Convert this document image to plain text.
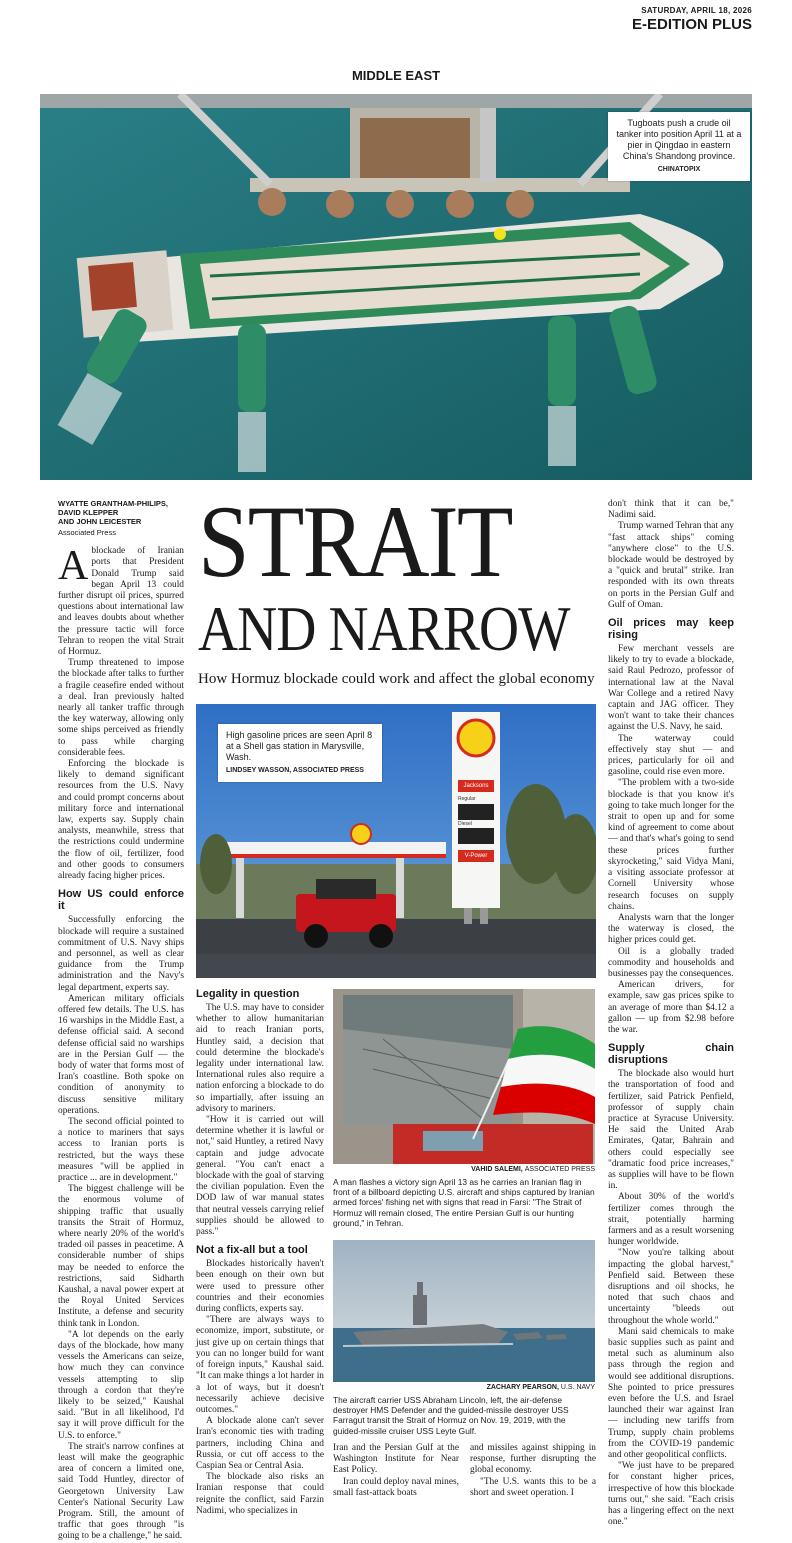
SATURDAY, APRIL 18, 2026
E-EDITION PLUS
MIDDLE EAST
Tugboats push a crude oil tanker into position April 11 at a pier in Qingdao in eastern China's Shandong province.
CHINATOPIX
WYATTE GRANTHAM-PHILIPS,
DAVID KLEPPER
AND JOHN LEICESTER
Associated Press

Ablockade of Iranian ports that President Donald Trump said began April 13 could further disrupt oil prices, spurred questions about international law and leaves doubts about whether the pressure tactic will force Tehran to reopen the vital Strait of Hormuz.

Trump threatened to impose the blockade after talks to further a fragile ceasefire ended without a deal. Iran previously halted nearly all tanker traffic through the key waterway, allowing only some ships perceived as friendly to pass while charging considerable fees.

Enforcing the blockade is likely to demand significant resources from the U.S. Navy and could prompt concerns about military force and international law, experts say. Supply chain analysts, meanwhile, stress that the restrictions could undermine the flow of oil, fertilizer, food and other goods to consumers already facing higher prices.

How US could enforce it

Successfully enforcing the blockade will require a sustained commitment of U.S. Navy ships and personnel, as well as clear guidance from the Trump administration and the Navy's legal department, experts say.

American military officials offered few details. The U.S. has 16 warships in the Middle East, a defense official said. A second defense official said no warships are in the Persian Gulf — the body of water that forms most of Iran's coastline. Both spoke on condition of anonymity to discuss sensitive military operations.

The second official pointed to a notice to mariners that says access to Iranian ports is restricted, but the ways these measures "will be applied in practice ... are in development."

The biggest challenge will be the enormous volume of shipping traffic that usually transits the Strait of Hormuz, where nearly 20% of the world's traded oil passes in peacetime. A considerable number of ships may be needed to enforce the restrictions, said Sidharth Kaushal, a naval power expert at the Royal United Services Institute, a defense and security think tank in London.

"A lot depends on the early days of the blockade, how many vessels the Americans can seize, how much they can convince vessels attempting to slip through a cordon that they're likely to be seized," Kaushal said. "But in all likelihood, I'd say it will prove difficult for the U.S. to enforce."

The strait's narrow confines at least will make the geographic area of concern a limited one, said Todd Huntley, director of Georgetown University Law Center's National Security Law Program. Still, the amount of traffic that goes through "is going to be a challenge," he said.

STRAIT
AND NARROW
How Hormuz blockade could work and affect the global economy
Jacksons
Regular
Diesel
V-Power
High gasoline prices are seen April 8 at a Shell gas station in Marysville, Wash.
LINDSEY WASSON, ASSOCIATED PRESS
Legality in question

The U.S. may have to consider whether to allow humanitarian aid to reach Iranian ports, Huntley said, a decision that could determine the blockade's legality under international law. International rules also require a nation enforcing a blockade to do so impartially, after issuing an advisory to mariners.

"How it is carried out will determine whether it is lawful or not," said Huntley, a retired Navy captain and judge advocate general. "You can't enact a blockade with the goal of starving the civilian population. Even the DOD law of war manual states that neutral vessels carrying relief supplies should be allowed to pass."

Not a fix-all but a tool

Blockades historically haven't been enough on their own but were used to pressure other countries and their economies during conflicts, experts say.

"There are always ways to economize, import, substitute, or just give up on certain things that you can no longer build for want of foreign inputs," Kaushal said. "It can make things a lot harder in a lot of ways, but it doesn't necessarily achieve decisive outcomes."

A blockade alone can't sever Iran's economic ties with trading partners, including China and Russia, or cut off access to the Caspian Sea or Central Asia.

The blockade also risks an Iranian response that could reignite the conflict, said Farzin Nadimi, who specializes in

VAHID SALEMI, ASSOCIATED PRESS
A man flashes a victory sign April 13 as he carries an Iranian flag in front of a billboard depicting U.S. aircraft and ships captured by Iranian armed forces' fishing net with signs that read in Farsi: "The Strait of Hormuz will remain closed, The entire Persian Gulf is our hunting ground," in Tehran.
ZACHARY PEARSON, U.S. NAVY
The aircraft carrier USS Abraham Lincoln, left, the air-defense destroyer HMS Defender and the guided-missile destroyer USS Farragut transit the Strait of Hormuz on Nov. 19, 2019, with the guided-missile cruiser USS Leyte Gulf.

Iran and the Persian Gulf at the Washington Institute for Near East Policy.

Iran could deploy naval mines, small fast-attack boats

and missiles against shipping in response, further disrupting the global economy.

"The U.S. wants this to be a short and sweet operation. I

don't think that it can be," Nadimi said.

Trump warned Tehran that any "fast attack ships" coming "anywhere close" to the U.S. blockade would be destroyed by a "quick and brutal" strike. Iran responded with its own threats on ports in the Persian Gulf and Gulf of Oman.

Oil prices may keep rising

Few merchant vessels are likely to try to evade a blockade, said Raul Pedrozo, professor of international law at the Naval War College and a retired Navy captain and JAG officer. They won't want to take their chances against the U.S. Navy, he said.

The waterway could effectively stay shut — and prices, particularly for oil and gasoline, could rise even more.

"The problem with a two-side blockade is that you know it's going to take much longer for the strait to open up and for some kind of agreement to come about — and that's what's going to send these prices further skyrocketing," said Vidya Mani, a visiting associate professor at Cornell University whose research focuses on supply chains.

Analysts warn that the longer the waterway is closed, the higher prices could get.

Oil is a globally traded commodity and households and businesses pay the consequences.

American drivers, for example, saw gas prices spike to an average of more than $4.12 a gallon — up from $2.98 before the war.

Supply chain disruptions

The blockade also would hurt the transportation of food and fertilizer, said Patrick Penfield, professor of supply chain practice at Syracuse University. He said the United Arab Emirates, Qatar, Bahrain and others could especially see "dramatic food price increases," as supplies will have to be flown in.

About 30% of the world's fertilizer comes through the strait, potentially harming farmers and as a result worsening hunger worldwide.

"Now you're talking about impacting the global harvest," Penfield said. Between these disruptions and oil shocks, he noted that such chaos and uncertainty "bleeds out throughout the whole world."

Mani said chemicals to make basic supplies such as paint and metal such as aluminum also pass through the region and would see additional disruptions. She pointed to price pressures even before the U.S. and Israel launched their war against Iran — including new tariffs from Trump, supply chain problems from the COVID-19 pandemic and other geopolitical conflicts.

"We just have to be prepared for constant higher prices, irrespective of how this blockade turns out," she said. "Each crisis has a lingering effect on the next one."
